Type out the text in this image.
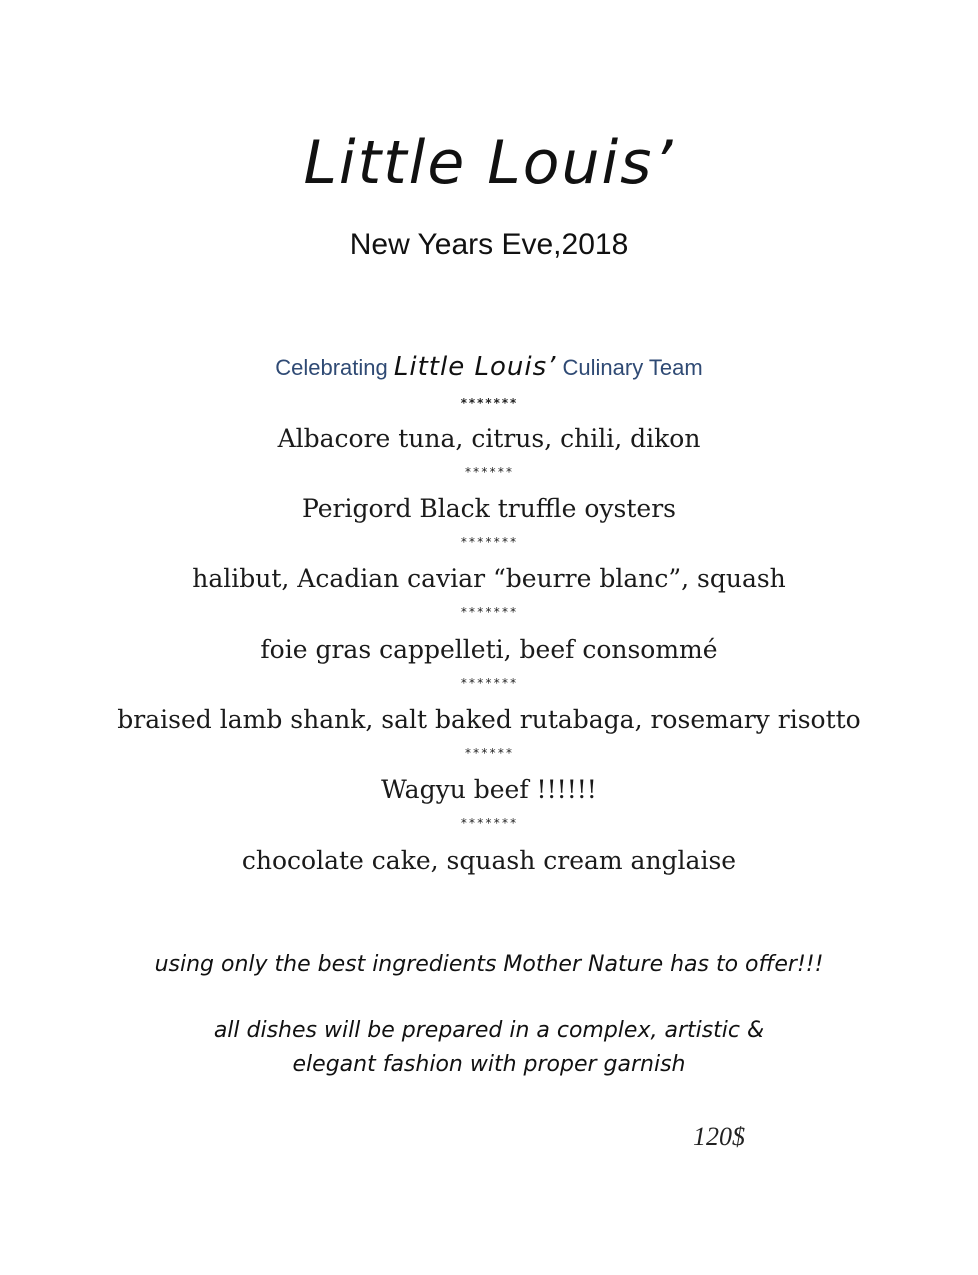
Little Louis’
New Years Eve,2018
Celebrating Little Louis’ Culinary Team
*******
Albacore tuna, citrus, chili, dikon
******
Perigord Black truffle oysters
*******
halibut, Acadian caviar “beurre blanc”, squash
*******
foie gras cappelleti, beef consommé
*******
braised lamb shank, salt baked rutabaga, rosemary risotto
******
Wagyu beef !!!!!!
*******
chocolate cake, squash cream anglaise
using only the best ingredients Mother Nature has to offer!!!
all dishes will be prepared in a complex, artistic &
elegant fashion with proper garnish
120$
